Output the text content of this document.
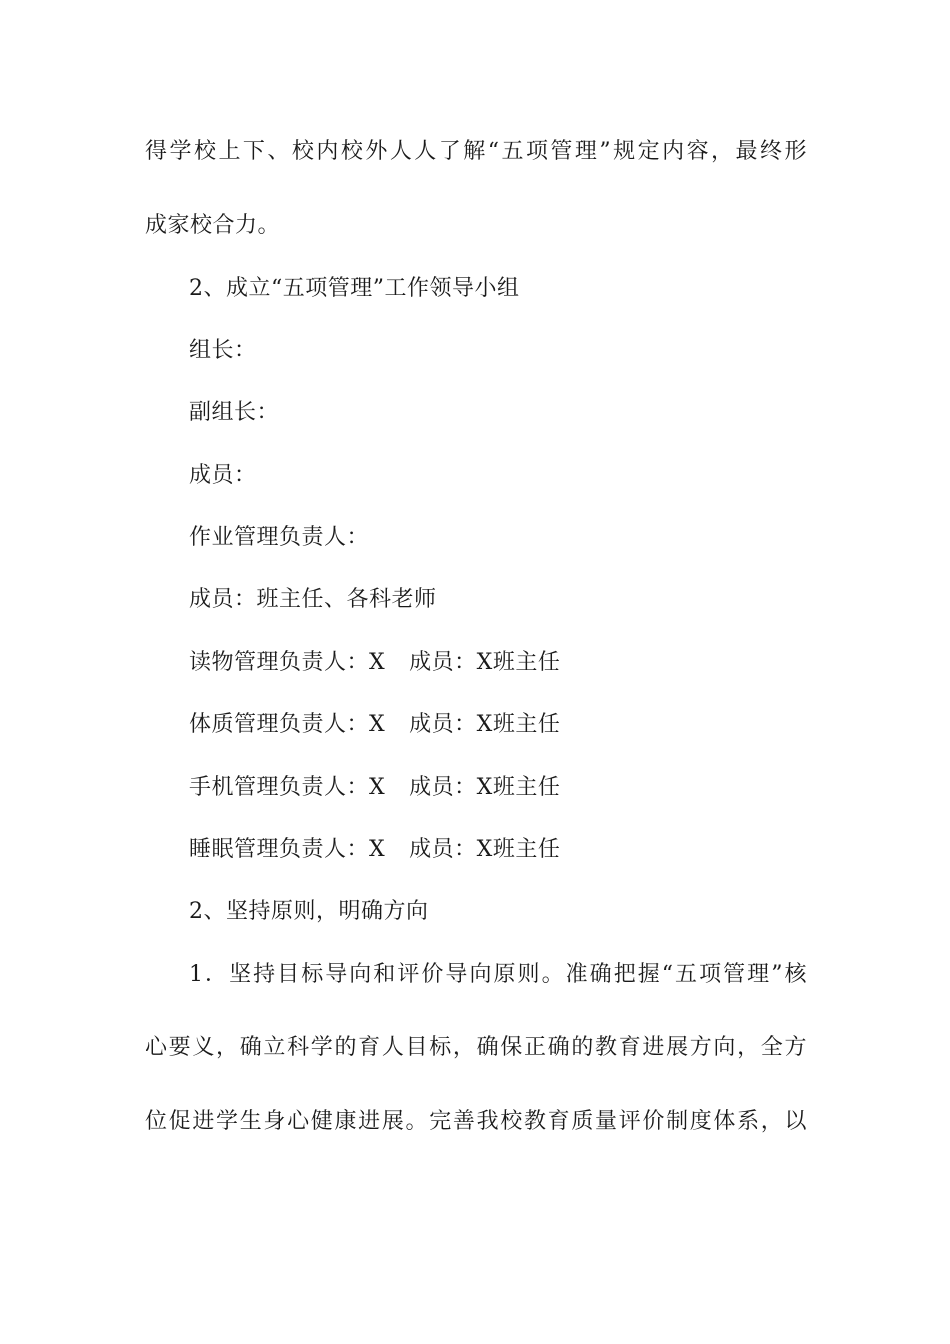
得学校上下、校内校外人人了解“五项管理”规定内容，最终形
成家校合力。
2、成立“五项管理”工作领导小组
组长：
副组长：
成员：
作业管理负责人：
成员：班主任、各科老师
读物管理负责人：X 成员：X班主任
体质管理负责人：X 成员：X班主任
手机管理负责人：X 成员：X班主任
睡眠管理负责人：X 成员：X班主任
2、坚持原则，明确方向
1．坚持目标导向和评价导向原则。准确把握“五项管理”核
心要义，确立科学的育人目标，确保正确的教育进展方向，全方
位促进学生身心健康进展。完善我校教育质量评价制度体系，以
